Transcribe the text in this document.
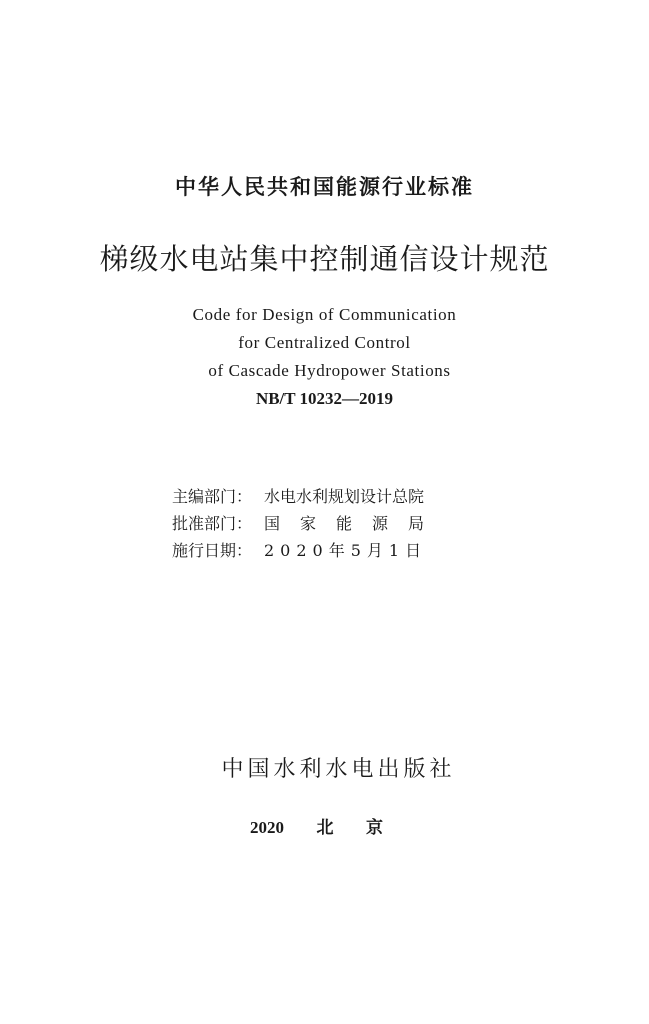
中华人民共和国能源行业标准
梯级水电站集中控制通信设计规范
Code for Design of Communication
for Centralized Control
of Cascade Hydropower Stations
NB/T 10232—2019
主编部门： 水电水利规划设计总院
批准部门： 国家能源局
施行日期： 2020年5月1日
中国水利水电出版社
2020  北  京
